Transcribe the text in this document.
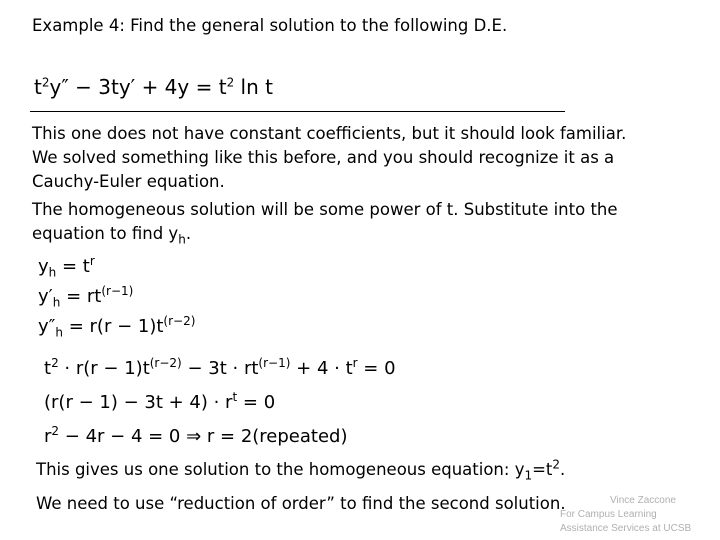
Example 4: Find the general solution to the following D.E.
$t^2y'' - 3ty' + 4y = t^2$ ln t
This one does not have constant coefficients, but it should look familiar.
We solved something like this before, and you should recognize it as a
Cauchy-Euler equation.
The homogeneous solution will be some power of t. Substitute into the
equation to find $y_h$.
$y_h = t^r$
$y'_h = rt^{(r-1)}$
$y''_h = r(r - 1)t^{(r-2)}$
$t^2 \cdot r(r - 1)t^{(r-2)} - 3t \cdot rt^{(r-1)} + 4 \cdot t^r = 0$
$(r(r - 1) - 3t + 4) \cdot r^t = 0$
$r^2 - 4r - 4 = 0$ ⇒ r = 2(repeated)
This gives us one solution to the homogeneous equation: $y_1=t^2$.
We need to use “reduction of order” to find the second solution.	Vince Zaccone
For Campus Learning
Assistance Services at UCSB
